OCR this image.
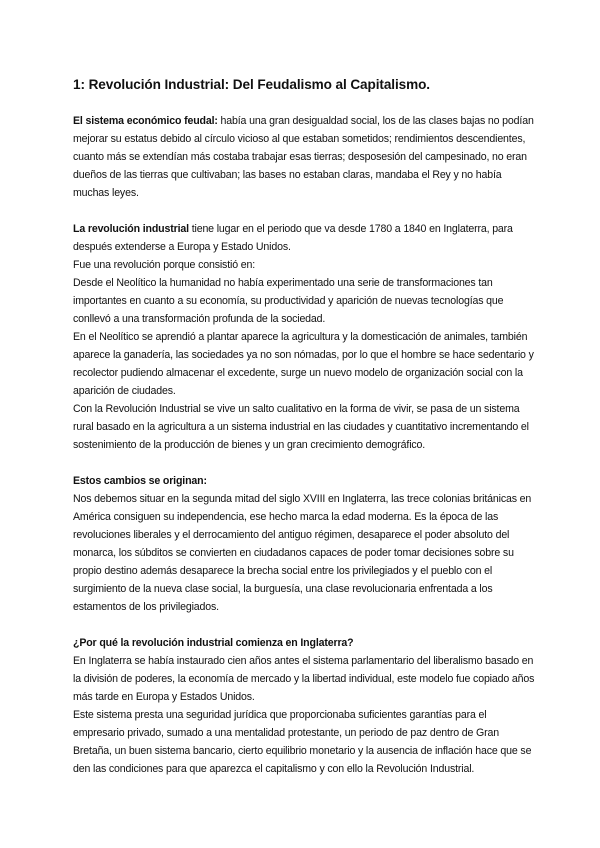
1: Revolución Industrial: Del Feudalismo al Capitalismo.

El sistema económico feudal: había una gran desigualdad social, los de las clases bajas no podían mejorar su estatus debido al círculo vicioso al que estaban sometidos; rendimientos descendientes, cuanto más se extendían más costaba trabajar esas tierras; desposesión del campesinado, no eran dueños de las tierras que cultivaban; las bases no estaban claras, mandaba el Rey y no había muchas leyes.

La revolución industrial tiene lugar en el periodo que va desde 1780 a 1840 en Inglaterra, para después extenderse a Europa y Estado Unidos.

Fue una revolución porque consistió en:

Desde el Neolítico la humanidad no había experimentado una serie de transformaciones tan importantes en cuanto a su economía, su productividad y aparición de nuevas tecnologías que conllevó a una transformación profunda de la sociedad.

En el Neolítico se aprendió a plantar aparece la agricultura y la domesticación de animales, también aparece la ganadería, las sociedades ya no son nómadas, por lo que el hombre se hace sedentario y recolector pudiendo almacenar el excedente, surge un nuevo modelo de organización social con la aparición de ciudades.

Con la Revolución Industrial se vive un salto cualitativo en la forma de vivir, se pasa de un sistema rural basado en la agricultura a un sistema industrial en las ciudades y cuantitativo incrementando el sostenimiento de la producción de bienes y un gran crecimiento demográfico.

Estos cambios se originan:

Nos debemos situar en la segunda mitad del siglo XVIII en Inglaterra, las trece colonias británicas en América consiguen su independencia, ese hecho marca la edad moderna. Es la época de las revoluciones liberales y el derrocamiento del antiguo régimen, desaparece el poder absoluto del monarca, los súbditos se convierten en ciudadanos capaces de poder tomar decisiones sobre su propio destino además desaparece la brecha social entre los privilegiados y el pueblo con el surgimiento de la nueva clase social, la burguesía, una clase revolucionaria enfrentada a los estamentos de los privilegiados.

¿Por qué la revolución industrial comienza en Inglaterra?

En Inglaterra se había instaurado cien años antes el sistema parlamentario del liberalismo basado en la división de poderes, la economía de mercado y la libertad individual, este modelo fue copiado años más tarde en Europa y Estados Unidos.

Este sistema presta una seguridad jurídica que proporcionaba suficientes garantías para el empresario privado, sumado a una mentalidad protestante, un periodo de paz dentro de Gran Bretaña, un buen sistema bancario, cierto equilibrio monetario y la ausencia de inflación hace que se den las condiciones para que aparezca el capitalismo y con ello la Revolución Industrial.
